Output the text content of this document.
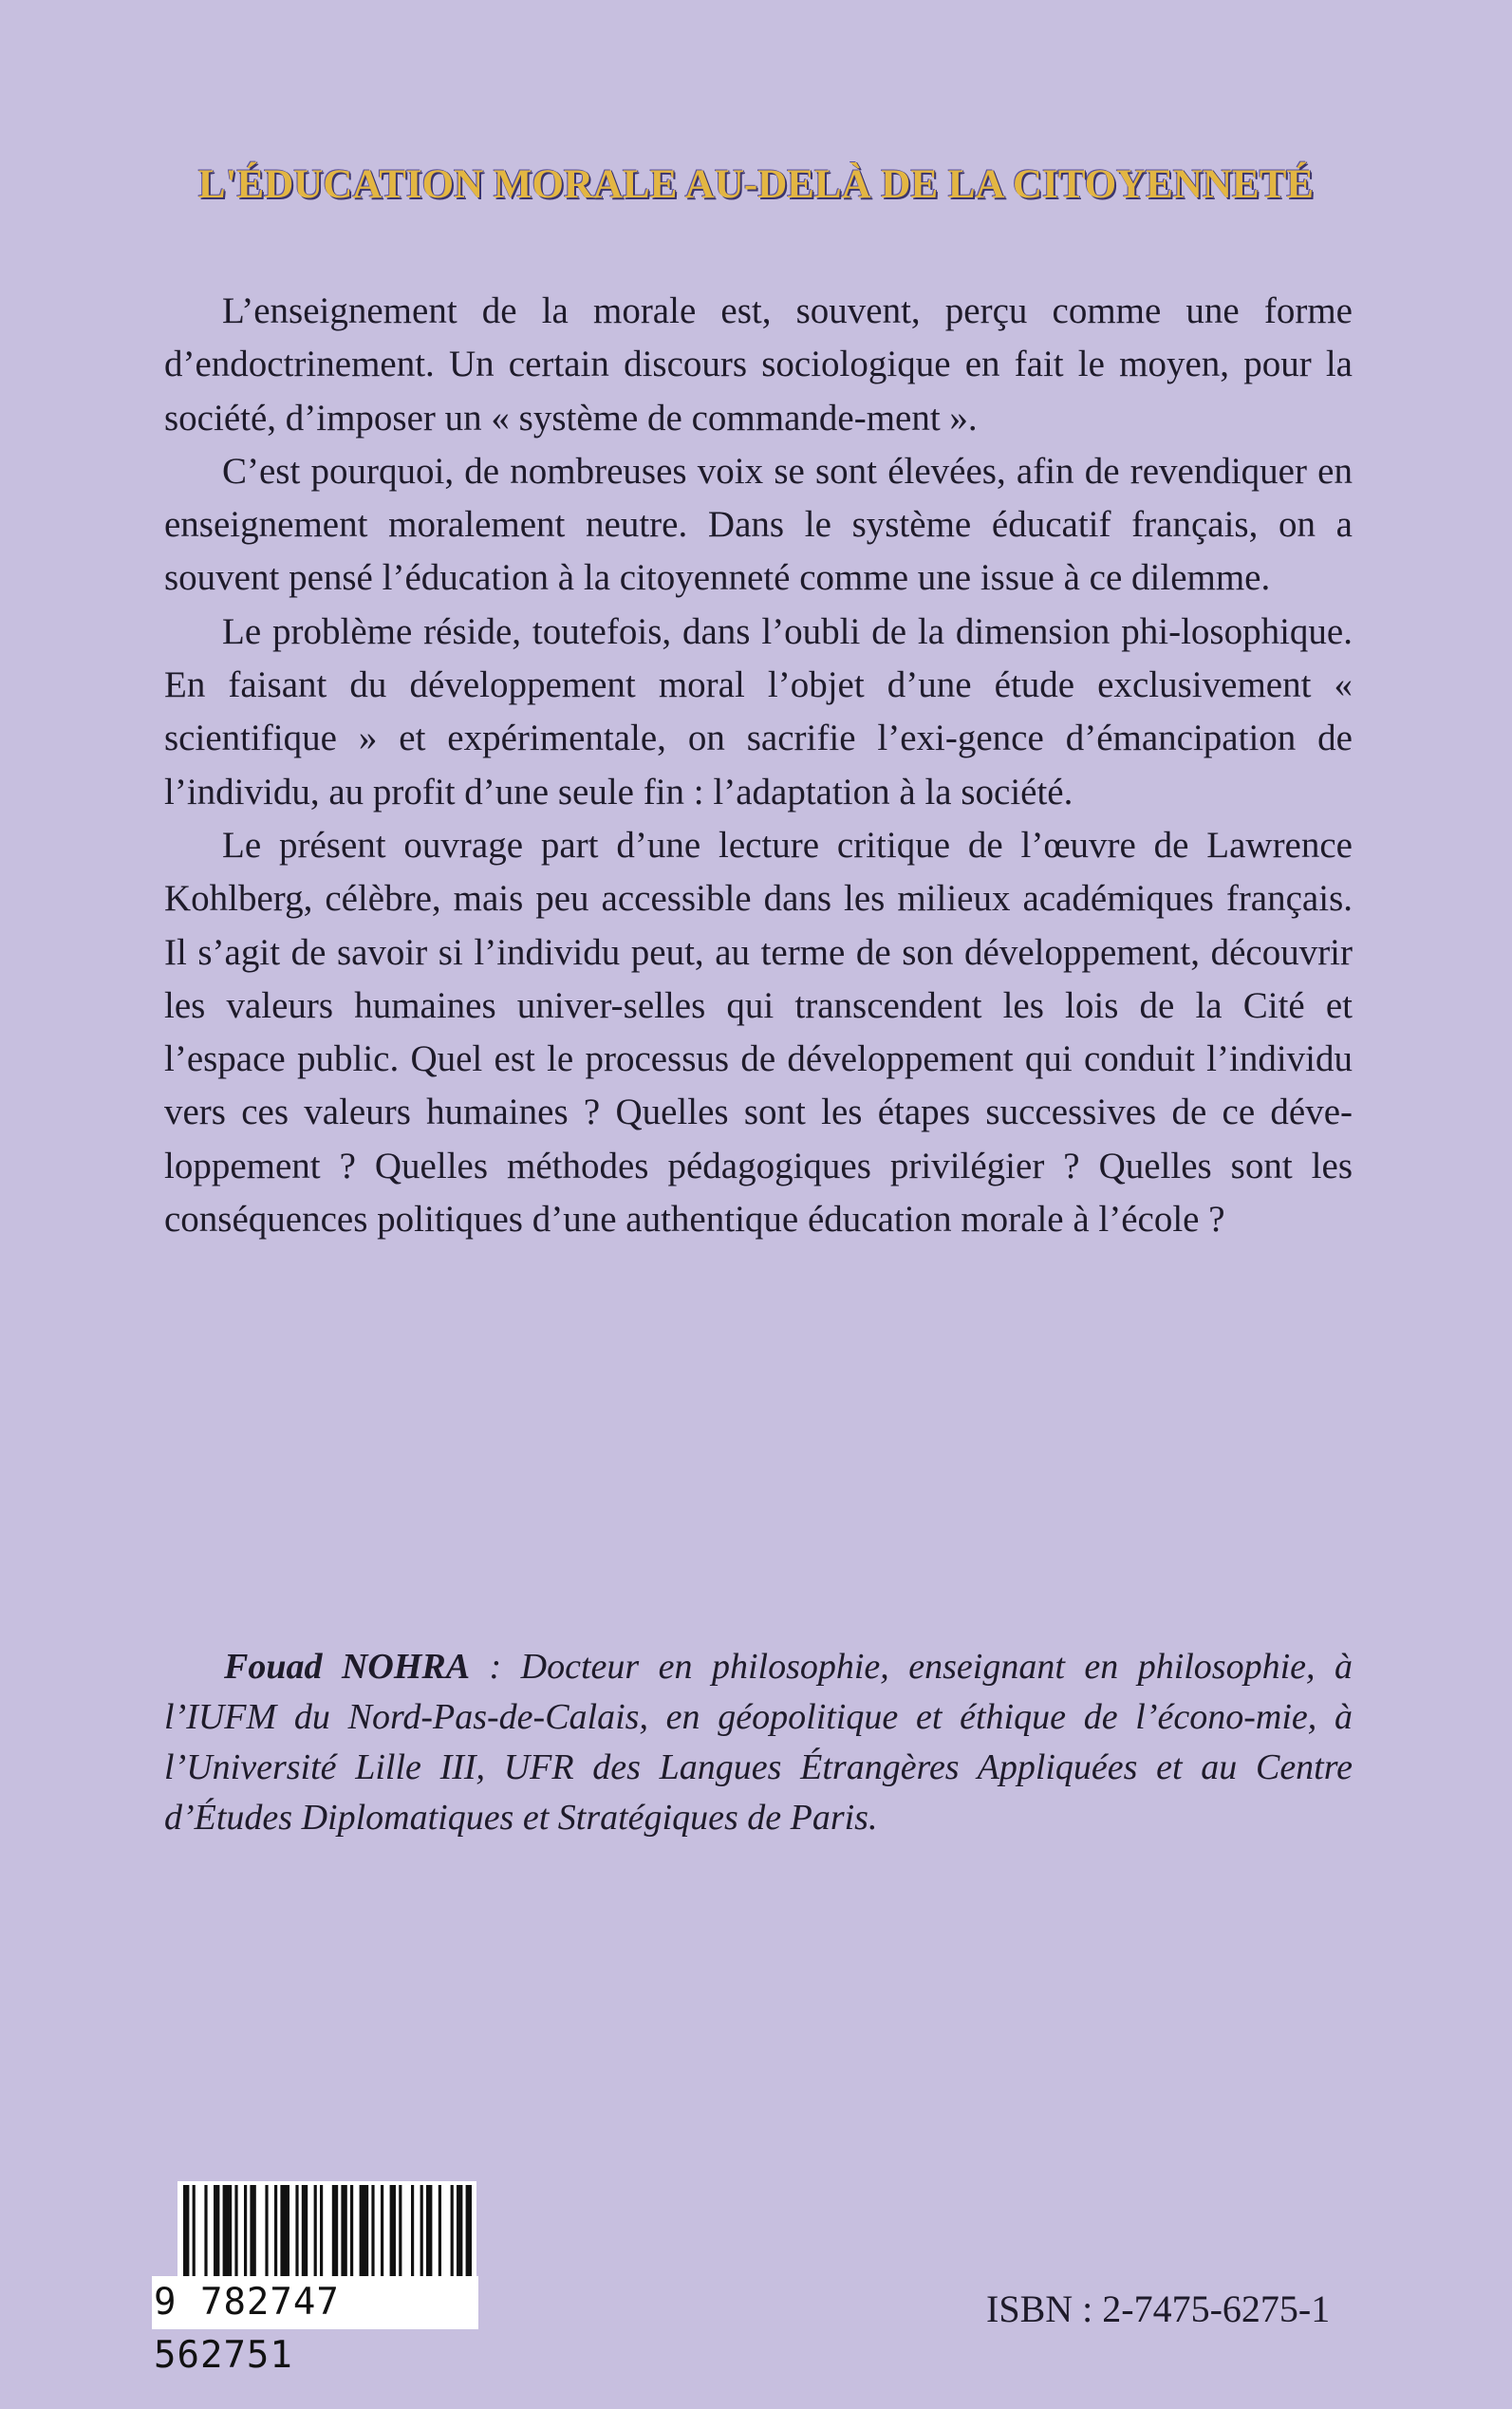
L'ÉDUCATION MORALE AU-DELÀ DE LA CITOYENNETÉ

L’enseignement de la morale est, souvent, perçu comme une forme d’endoctrinement. Un certain discours sociologique en fait le moyen, pour la société, d’imposer un « système de commande-ment ».

C’est pourquoi, de nombreuses voix se sont élevées, afin de revendiquer en enseignement moralement neutre. Dans le système éducatif français, on a souvent pensé l’éducation à la citoyenneté comme une issue à ce dilemme.

Le problème réside, toutefois, dans l’oubli de la dimension phi-losophique. En faisant du développement moral l’objet d’une étude exclusivement « scientifique » et expérimentale, on sacrifie l’exi-gence d’émancipation de l’individu, au profit d’une seule fin : l’adaptation à la société.

Le présent ouvrage part d’une lecture critique de l’œuvre de Lawrence Kohlberg, célèbre, mais peu accessible dans les milieux académiques français. Il s’agit de savoir si l’individu peut, au terme de son développement, découvrir les valeurs humaines univer-selles qui transcendent les lois de la Cité et l’espace public. Quel est le processus de développement qui conduit l’individu vers ces valeurs humaines ? Quelles sont les étapes successives de ce déve-loppement ? Quelles méthodes pédagogiques privilégier ? Quelles sont les conséquences politiques d’une authentique éducation morale à l’école ?

Fouad NOHRA : Docteur en philosophie, enseignant en philosophie, à l’IUFM du Nord-Pas-de-Calais, en géopolitique et éthique de l’écono-mie, à l’Université Lille III, UFR des Langues Étrangères Appliquées et au Centre d’Études Diplomatiques et Stratégiques de Paris.

9 782747 562751
ISBN : 2-7475-6275-1
